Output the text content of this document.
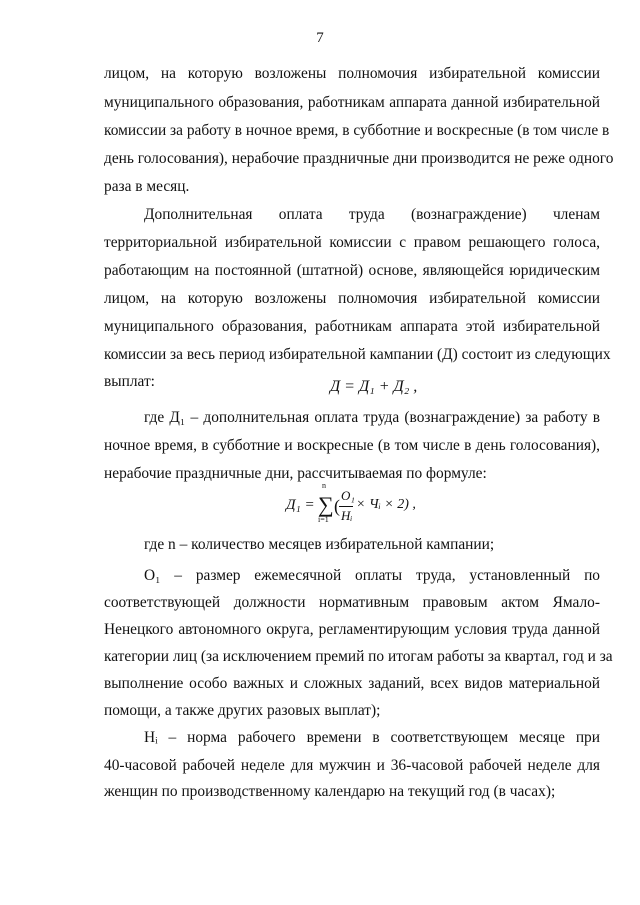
7
лицом, на которую возложены полномочия избирательной комиссии
муниципального образования, работникам аппарата данной избирательной
комиссии за работу в ночное время, в субботние и воскресные (в том числе в
день голосования), нерабочие праздничные дни производится не реже одного
раза в месяц.
Дополнительная оплата труда (вознаграждение) членам
территориальной избирательной комиссии с правом решающего голоса,
работающим на постоянной (штатной) основе, являющейся юридическим
лицом, на которую возложены полномочия избирательной комиссии
муниципального образования, работникам аппарата этой избирательной
комиссии за весь период избирательной кампании (Д) состоит из следующих
выплат:	Д = Д₁ + Д₂ ,
где Д₁ – дополнительная оплата труда (вознаграждение) за работу в
ночное время, в субботние и воскресные (в том числе в день голосования),
нерабочие праздничные дни, рассчитываемая по формуле:
Д₁ =
n
∑
i=1
(
О₁
Нᵢ
× Чᵢ × 2) ,
где n – количество месяцев избирательной кампании;
О₁ – размер ежемесячной оплаты труда, установленный по
соответствующей должности нормативным правовым актом Ямало-
Ненецкого автономного округа, регламентирующим условия труда данной
категории лиц (за исключением премий по итогам работы за квартал, год и за
выполнение особо важных и сложных заданий, всех видов материальной
помощи, а также других разовых выплат);
Нᵢ – норма рабочего времени в соответствующем месяце при
40-часовой рабочей неделе для мужчин и 36-часовой рабочей неделе для
женщин по производственному календарю на текущий год (в часах);
